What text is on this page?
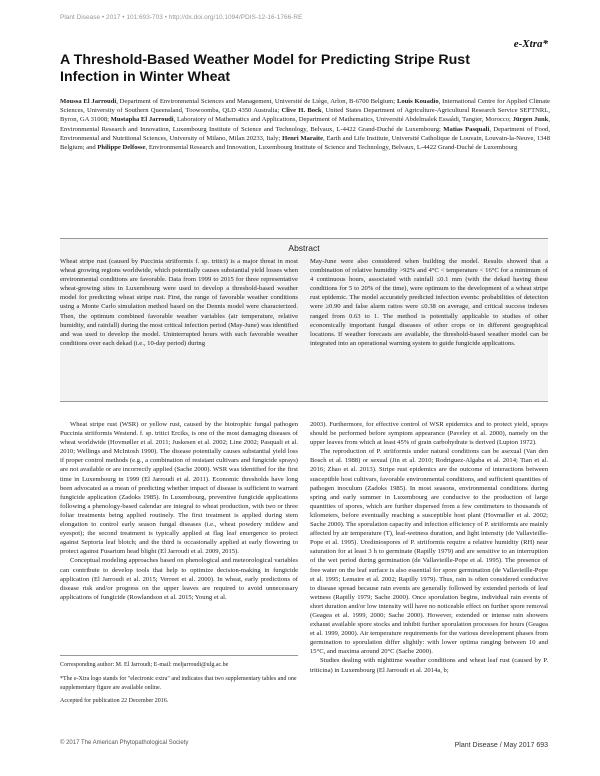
Plant Disease • 2017 • 101:693-703 • http://dx.doi.org/10.1094/PDIS-12-16-1766-RE
e-Xtra*
A Threshold-Based Weather Model for Predicting Stripe Rust Infection in Winter Wheat
Moussa El Jarroudi, Department of Environmental Sciences and Management, Université de Liège, Arlon, B-6700 Belgium; Louis Kouadio, International Centre for Applied Climate Sciences, University of Southern Queensland, Toowoomba, QLD 4350 Australia; Clive H. Bock, United States Department of Agriculture-Agricultural Research Service SEFTNRL, Byron, GA 31008; Mustapha El Jarroudi, Laboratory of Mathematics and Applications, Department of Mathematics, Université Abdelmalek Essaâdi, Tangier, Morocco; Jürgen Junk, Environmental Research and Innovation, Luxembourg Institute of Science and Technology, Belvaux, L-4422 Grand-Duché de Luxembourg; Matias Pasquali, Department of Food, Environmental and Nutritional Sciences, University of Milano, Milan 20233, Italy; Henri Maraite, Earth and Life Institute, Université Catholique de Louvain, Louvain-la-Neuve, 1348 Belgium; and Philippe Delfosse, Environmental Research and Innovation, Luxembourg Institute of Science and Technology, Belvaux, L-4422 Grand-Duché de Luxembourg
Abstract
Wheat stripe rust (caused by Puccinia striiformis f. sp. tritici) is a major threat in most wheat growing regions worldwide, which potentially causes substantial yield losses when environmental conditions are favorable. Data from 1999 to 2015 for three representative wheat-growing sites in Luxembourg were used to develop a threshold-based weather model for predicting wheat stripe rust. First, the range of favorable weather conditions using a Monte Carlo simulation method based on the Dennis model were characterized. Then, the optimum combined favorable weather variables (air temperature, relative humidity, and rainfall) during the most critical infection period (May-June) was identified and was used to develop the model. Uninterrupted hours with such favorable weather conditions over each dekad (i.e., 10-day period) during
May-June were also considered when building the model. Results showed that a combination of relative humidity >92% and 4°C < temperature < 16°C for a minimum of 4 continuous hours, associated with rainfall ≤0.1 mm (with the dekad having these conditions for 5 to 20% of the time), were optimum to the development of a wheat stripe rust epidemic. The model accurately predicted infection events: probabilities of detection were ≥0.90 and false alarm ratios were ≤0.38 on average, and critical success indexes ranged from 0.63 to 1. The method is potentially applicable to studies of other economically important fungal diseases of other crops or in different geographical locations. If weather forecasts are available, the threshold-based weather model can be integrated into an operational warning system to guide fungicide applications.

Wheat stripe rust (WSR) or yellow rust, caused by the biotrophic fungal pathogen Puccinia striiformis Westend. f. sp. tritici Erciks, is one of the most damaging diseases of wheat worldwide (Hovmøller et al. 2011; Juskesen et al. 2002; Line 2002; Pasquali et al. 2010; Wellings and McIntosh 1990). The disease potentially causes substantial yield loss if proper control methods (e.g., a combination of resistant cultivars and fungicide sprays) are not available or are incorrectly applied (Sache 2000). WSR was identified for the first time in Luxembourg in 1999 (El Jarroudi et al. 2011). Economic thresholds have long been advocated as a mean of predicting whether impact of disease is sufficient to warrant fungicide application (Zadoks 1985). In Luxembourg, preventive fungicide applications following a phenology-based calendar are integral to wheat production, with two or three foliar treatments being applied routinely. The first treatment is applied during stem elongation to control early season fungal diseases (i.e., wheat powdery mildew and eyespot); the second treatment is typically applied at flag leaf emergence to protect against Septoria leaf blotch; and the third is occasionally applied at early flowering to protect against Fusarium head blight (El Jarroudi et al. 2009, 2015).

Conceptual modeling approaches based on phenological and meteorological variables can contribute to develop tools that help to optimize decision-making in fungicide application (El Jarroudi et al. 2015; Verreet et al. 2000). In wheat, early predictions of disease risk and/or progress on the upper leaves are required to avoid unnecessary applications of fungicide (Rowlandson et al. 2015; Young et al.

2003). Furthermore, for effective control of WSR epidemics and to protect yield, sprays should be performed before symptom appearance (Paveley et al. 2000), namely on the upper leaves from which at least 45% of grain carbohydrate is derived (Lupton 1972).

The reproduction of P. striiformis under natural conditions can be asexual (Van den Bosch et al. 1988) or sexual (Jin et al. 2010; Rodriguez-Algaba et al. 2014; Tian et al. 2016; Zhao et al. 2013). Stripe rust epidemics are the outcome of interactions between susceptible host cultivars, favorable environmental conditions, and sufficient quantities of pathogen inoculum (Zadoks 1985). In most seasons, environmental conditions during spring and early summer in Luxembourg are conducive to the production of large quantities of spores, which are further dispersed from a few centimeters to thousands of kilometers, before eventually reaching a susceptible host plant (Hovmøller et al. 2002; Sache 2000). The sporulation capacity and infection efficiency of P. striiformis are mainly affected by air temperature (T), leaf-wetness duration, and light intensity (de Vallavieille-Pope et al. 1995). Urediniospores of P. striiformis require a relative humidity (RH) near saturation for at least 3 h to germinate (Rapilly 1979) and are sensitive to an interruption of the wet period during germination (de Vallavieille-Pope et al. 1995). The presence of free water on the leaf surface is also essential for spore germination (de Vallavieille-Pope et al. 1995; Lemaire et al. 2002; Rapilly 1979). Thus, rain is often considered conducive to disease spread because rain events are generally followed by extended periods of leaf wetness (Rapilly 1979; Sache 2000). Once sporulation begins, individual rain events of short duration and/or low intensity will have no noticeable effect on further spore removal (Geagea et al. 1999, 2000; Sache 2000). However, extended or intense rain showers exhaust available spore stocks and inhibit further sporulation processes for hours (Geagea et al. 1999, 2000). Air temperature requirements for the various development phases from germination to sporulation differ slightly: with lower optima ranging between 10 and 15°C, and maxima around 20°C (Sache 2000).

Studies dealing with nighttime weather conditions and wheat leaf rust (caused by P. triticina) in Luxembourg (El Jarroudi et al. 2014a, b;

Corresponding author: M. El Jarroudi; E-mail: meljarroudi@ulg.ac.be
*The e-Xtra logo stands for "electronic extra" and indicates that two supplementary tables and one supplementary figure are available online.
Accepted for publication 22 December 2016.
© 2017 The American Phytopathological Society	Plant Disease / May 2017 693
